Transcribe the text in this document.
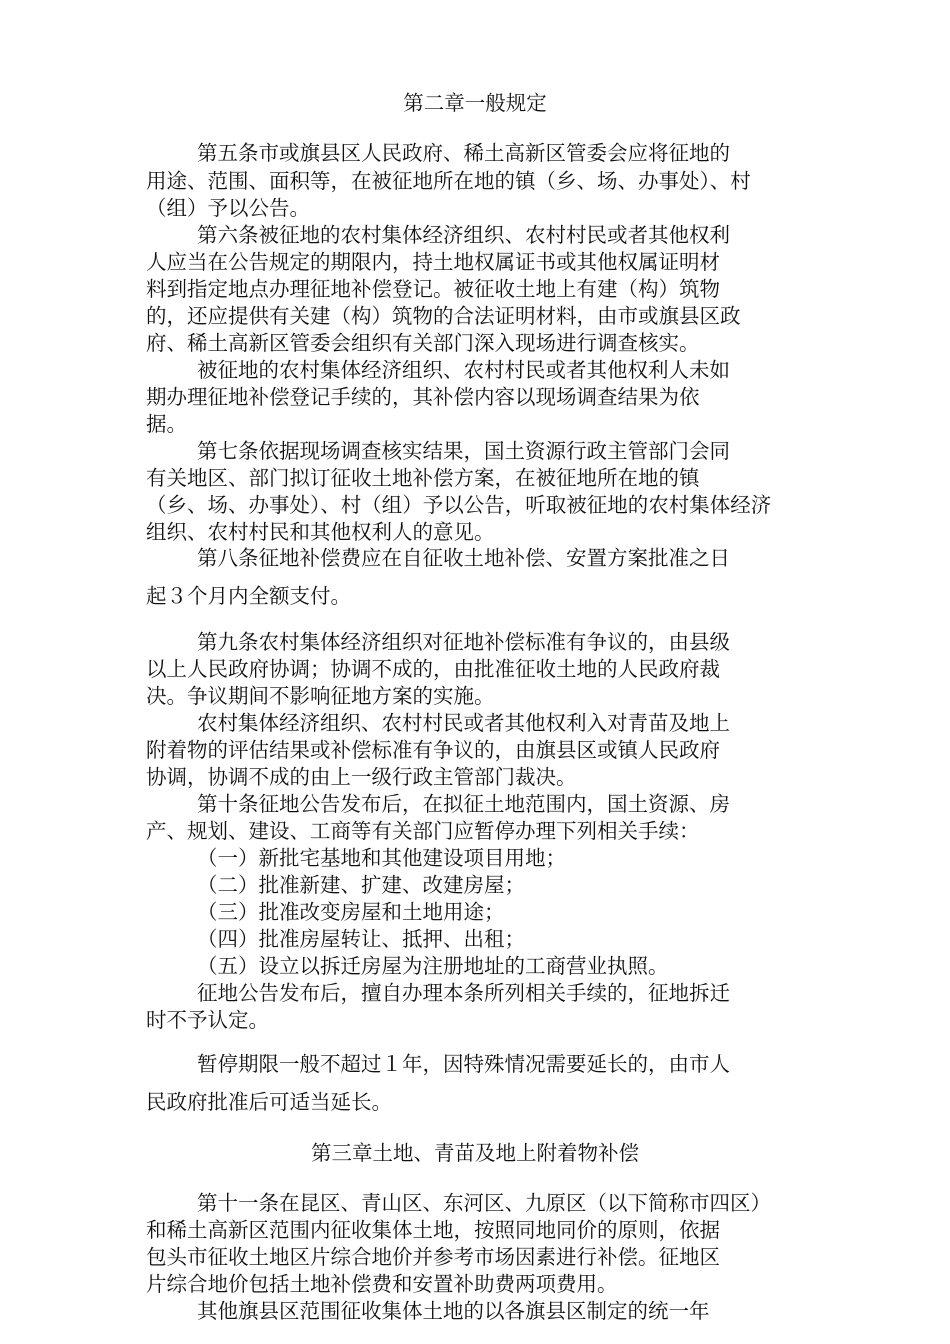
第二章一般规定
第五条市或旗县区人民政府、稀土高新区管委会应将征地的
用途、范围、面积等，在被征地所在地的镇（乡、场、办事处）、村
（组）予以公告。
第六条被征地的农村集体经济组织、农村村民或者其他权利
人应当在公告规定的期限内，持土地权属证书或其他权属证明材
料到指定地点办理征地补偿登记。被征收土地上有建（构）筑物
的，还应提供有关建（构）筑物的合法证明材料，由市或旗县区政
府、稀土高新区管委会组织有关部门深入现场进行调查核实。
被征地的农村集体经济组织、农村村民或者其他权利人未如
期办理征地补偿登记手续的，其补偿内容以现场调查结果为依
据。
第七条依据现场调查核实结果，国土资源行政主管部门会同
有关地区、部门拟订征收土地补偿方案，在被征地所在地的镇
（乡、场、办事处）、村（组）予以公告，听取被征地的农村集体经济
组织、农村村民和其他权利人的意见。
第八条征地补偿费应在自征收土地补偿、安置方案批准之日
起３个月内全额支付。
第九条农村集体经济组织对征地补偿标准有争议的，由县级
以上人民政府协调；协调不成的，由批准征收土地的人民政府裁
决。争议期间不影响征地方案的实施。
农村集体经济组织、农村村民或者其他权利入对青苗及地上
附着物的评估结果或补偿标准有争议的，由旗县区或镇人民政府
协调，协调不成的由上一级行政主管部门裁决。
第十条征地公告发布后，在拟征土地范围内，国土资源、房
产、规划、建设、工商等有关部门应暂停办理下列相关手续：
（一）新批宅基地和其他建设项目用地；
（二）批准新建、扩建、改建房屋；
（三）批准改变房屋和土地用途；
（四）批准房屋转让、抵押、出租；
（五）设立以拆迁房屋为注册地址的工商营业执照。
征地公告发布后，擅自办理本条所列相关手续的，征地拆迁
时不予认定。
暂停期限一般不超过１年，因特殊情况需要延长的，由市人
民政府批准后可适当延长。
第三章土地、青苗及地上附着物补偿
第十一条在昆区、青山区、东河区、九原区（以下简称市四区）
和稀土高新区范围内征收集体土地，按照同地同价的原则，依据
包头市征收土地区片综合地价并参考市场因素进行补偿。征地区
片综合地价包括土地补偿费和安置补助费两项费用。
其他旗县区范围征收集体土地的以各旗县区制定的统一年
